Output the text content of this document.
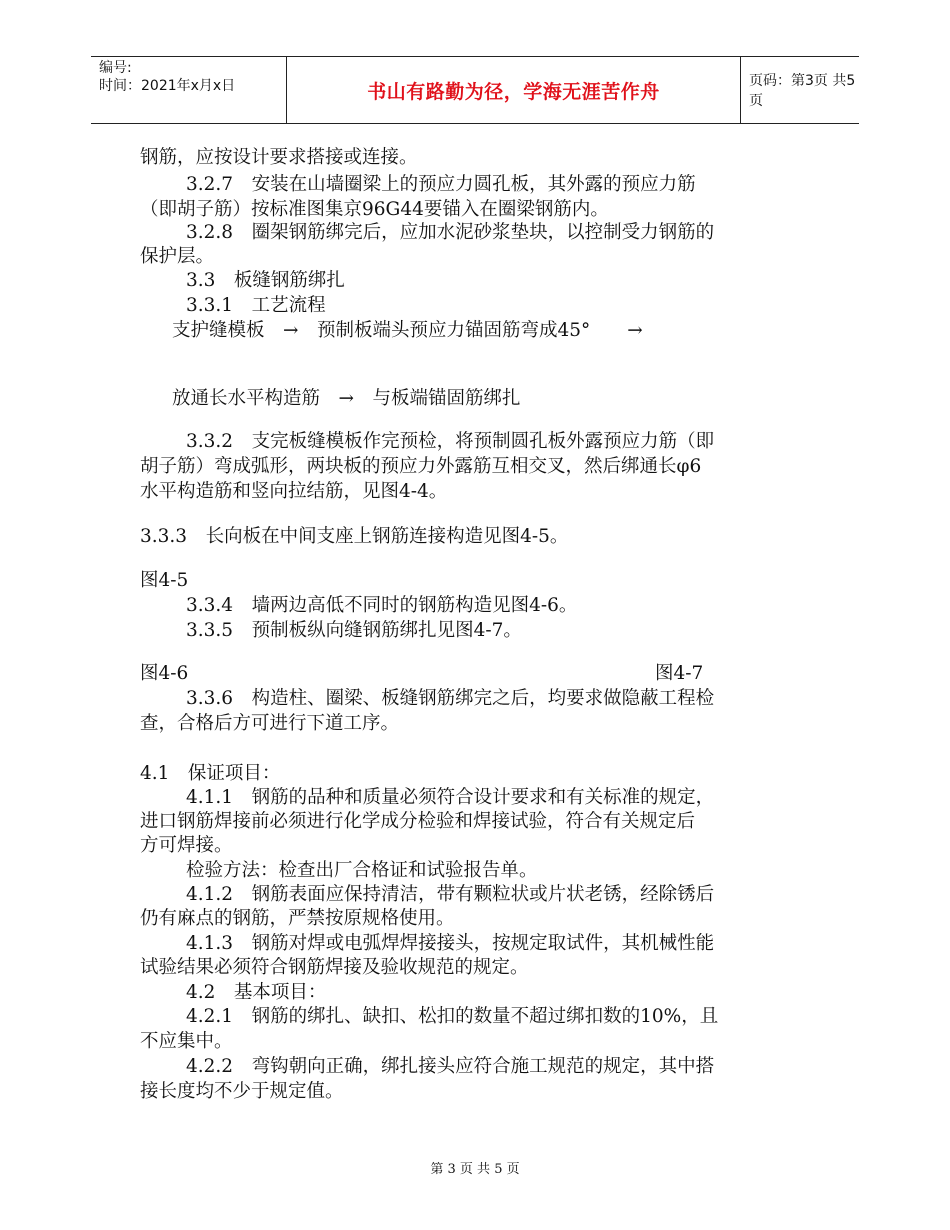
编号:
时间：2021年x月x日	书山有路勤为径，学海无涯苦作舟	页码：第3页 共5页
钢筋，应按设计要求搭接或连接。
3.2.7　安装在山墙圈梁上的预应力圆孔板，其外露的预应力筋
（即胡子筋）按标准图集京96G44要锚入在圈梁钢筋内。
3.2.8　圈架钢筋绑完后，应加水泥砂浆垫块，以控制受力钢筋的
保护层。
3.3　板缝钢筋绑扎
3.3.1　工艺流程
支护缝模板　→　预制板端头预应力锚固筋弯成45°　　→
放通长水平构造筋　→　与板端锚固筋绑扎
3.3.2　支完板缝模板作完预检，将预制圆孔板外露预应力筋（即
胡子筋）弯成弧形，两块板的预应力外露筋互相交叉，然后绑通长φ6
水平构造筋和竖向拉结筋，见图4-4。
3.3.3　长向板在中间支座上钢筋连接构造见图4-5。
图4-5
3.3.4　墙两边高低不同时的钢筋构造见图4-6。
3.3.5　预制板纵向缝钢筋绑扎见图4-7。
图4-6	图4-7
3.3.6　构造柱、圈梁、板缝钢筋绑完之后，均要求做隐蔽工程检
查，合格后方可进行下道工序。
4.1　保证项目：
4.1.1　钢筋的品种和质量必须符合设计要求和有关标准的规定，
进口钢筋焊接前必须进行化学成分检验和焊接试验，符合有关规定后
方可焊接。
检验方法：检查出厂合格证和试验报告单。
4.1.2　钢筋表面应保持清洁，带有颗粒状或片状老锈，经除锈后
仍有麻点的钢筋，严禁按原规格使用。
4.1.3　钢筋对焊或电弧焊焊接接头，按规定取试件，其机械性能
试验结果必须符合钢筋焊接及验收规范的规定。
4.2　基本项目：
4.2.1　钢筋的绑扎、缺扣、松扣的数量不超过绑扣数的10%，且
不应集中。
4.2.2　弯钩朝向正确，绑扎接头应符合施工规范的规定，其中搭
接长度均不少于规定值。
第 3 页 共 5 页
